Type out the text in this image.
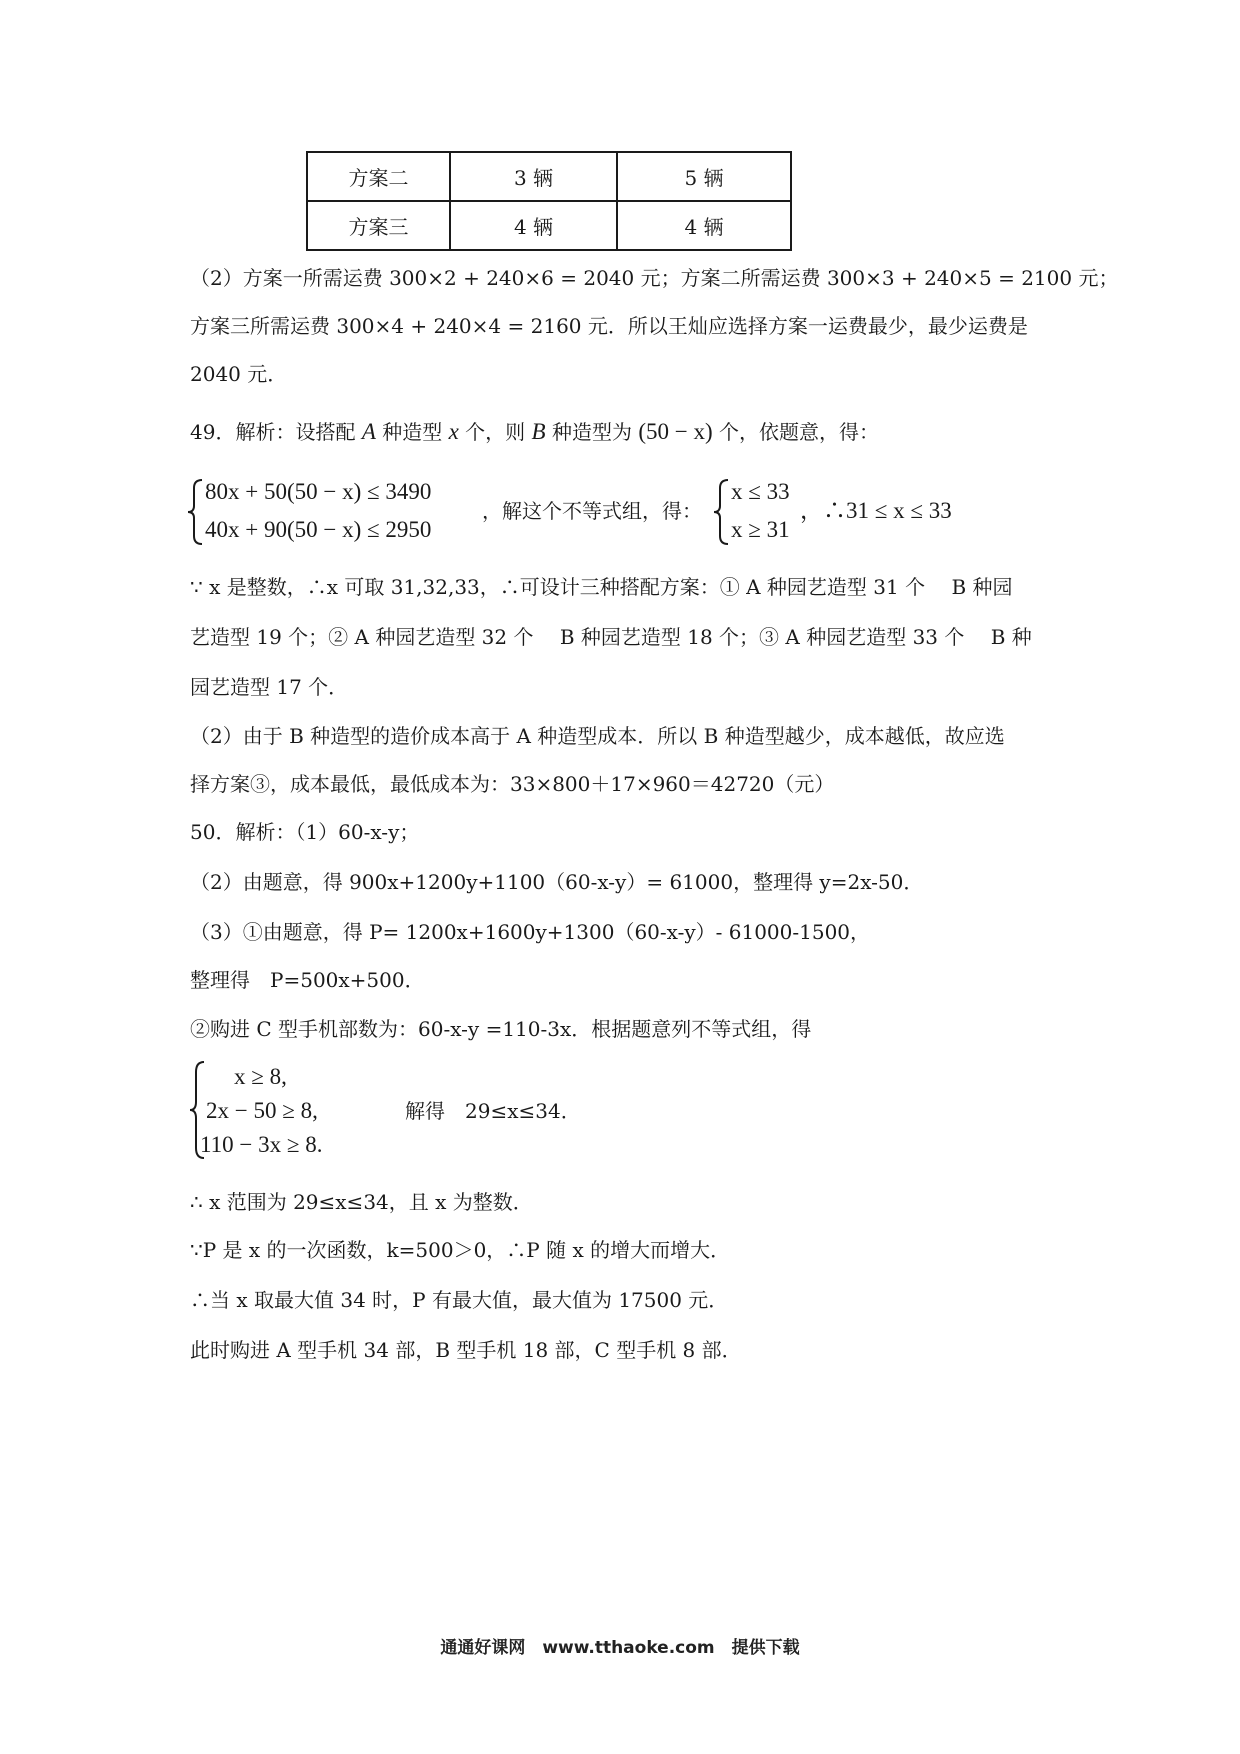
方案二	3 辆	5 辆
方案三	4 辆	4 辆
（2）方案一所需运费 300×2 + 240×6 = 2040 元；方案二所需运费 300×3 + 240×5 = 2100 元；
方案三所需运费 300×4 + 240×4 = 2160 元．所以王灿应选择方案一运费最少，最少运费是
2040 元．
49．解析：设搭配 A 种造型 x 个，则 B 种造型为 (50 − x) 个，依题意，得：
80x + 50(50 − x) ≤ 3490
40x + 90(50 − x) ≤ 2950
，解这个不等式组，得：
x ≤ 33
x ≥ 31
，∴31 ≤ x ≤ 33
∵ x 是整数，∴x 可取 31,32,33，∴可设计三种搭配方案：① A 种园艺造型 31 个　 B 种园
艺造型 19 个；② A 种园艺造型 32 个　 B 种园艺造型 18 个；③ A 种园艺造型 33 个　 B 种
园艺造型 17 个．
（2）由于 B 种造型的造价成本高于 A 种造型成本．所以 B 种造型越少，成本越低，故应选
择方案③，成本最低，最低成本为：33×800＋17×960＝42720（元）
50．解析：（1）60-x-y；
（2）由题意，得 900x+1200y+1100（60-x-y）= 61000，整理得 y=2x-50．
（3）①由题意，得 P= 1200x+1600y+1300（60-x-y）- 61000-1500，
整理得　P=500x+500．
②购进 C 型手机部数为：60-x-y =110-3x．根据题意列不等式组，得
x ≥ 8,
2x − 50 ≥ 8,
110 − 3x ≥ 8.
解得　29≤x≤34．
∴ x 范围为 29≤x≤34，且 x 为整数．
∵P 是 x 的一次函数，k=500＞0，∴P 随 x 的增大而增大．
∴当 x 取最大值 34 时，P 有最大值，最大值为 17500 元．
此时购进 A 型手机 34 部，B 型手机 18 部，C 型手机 8 部．
通通好课网　www.tthaoke.com　提供下载
